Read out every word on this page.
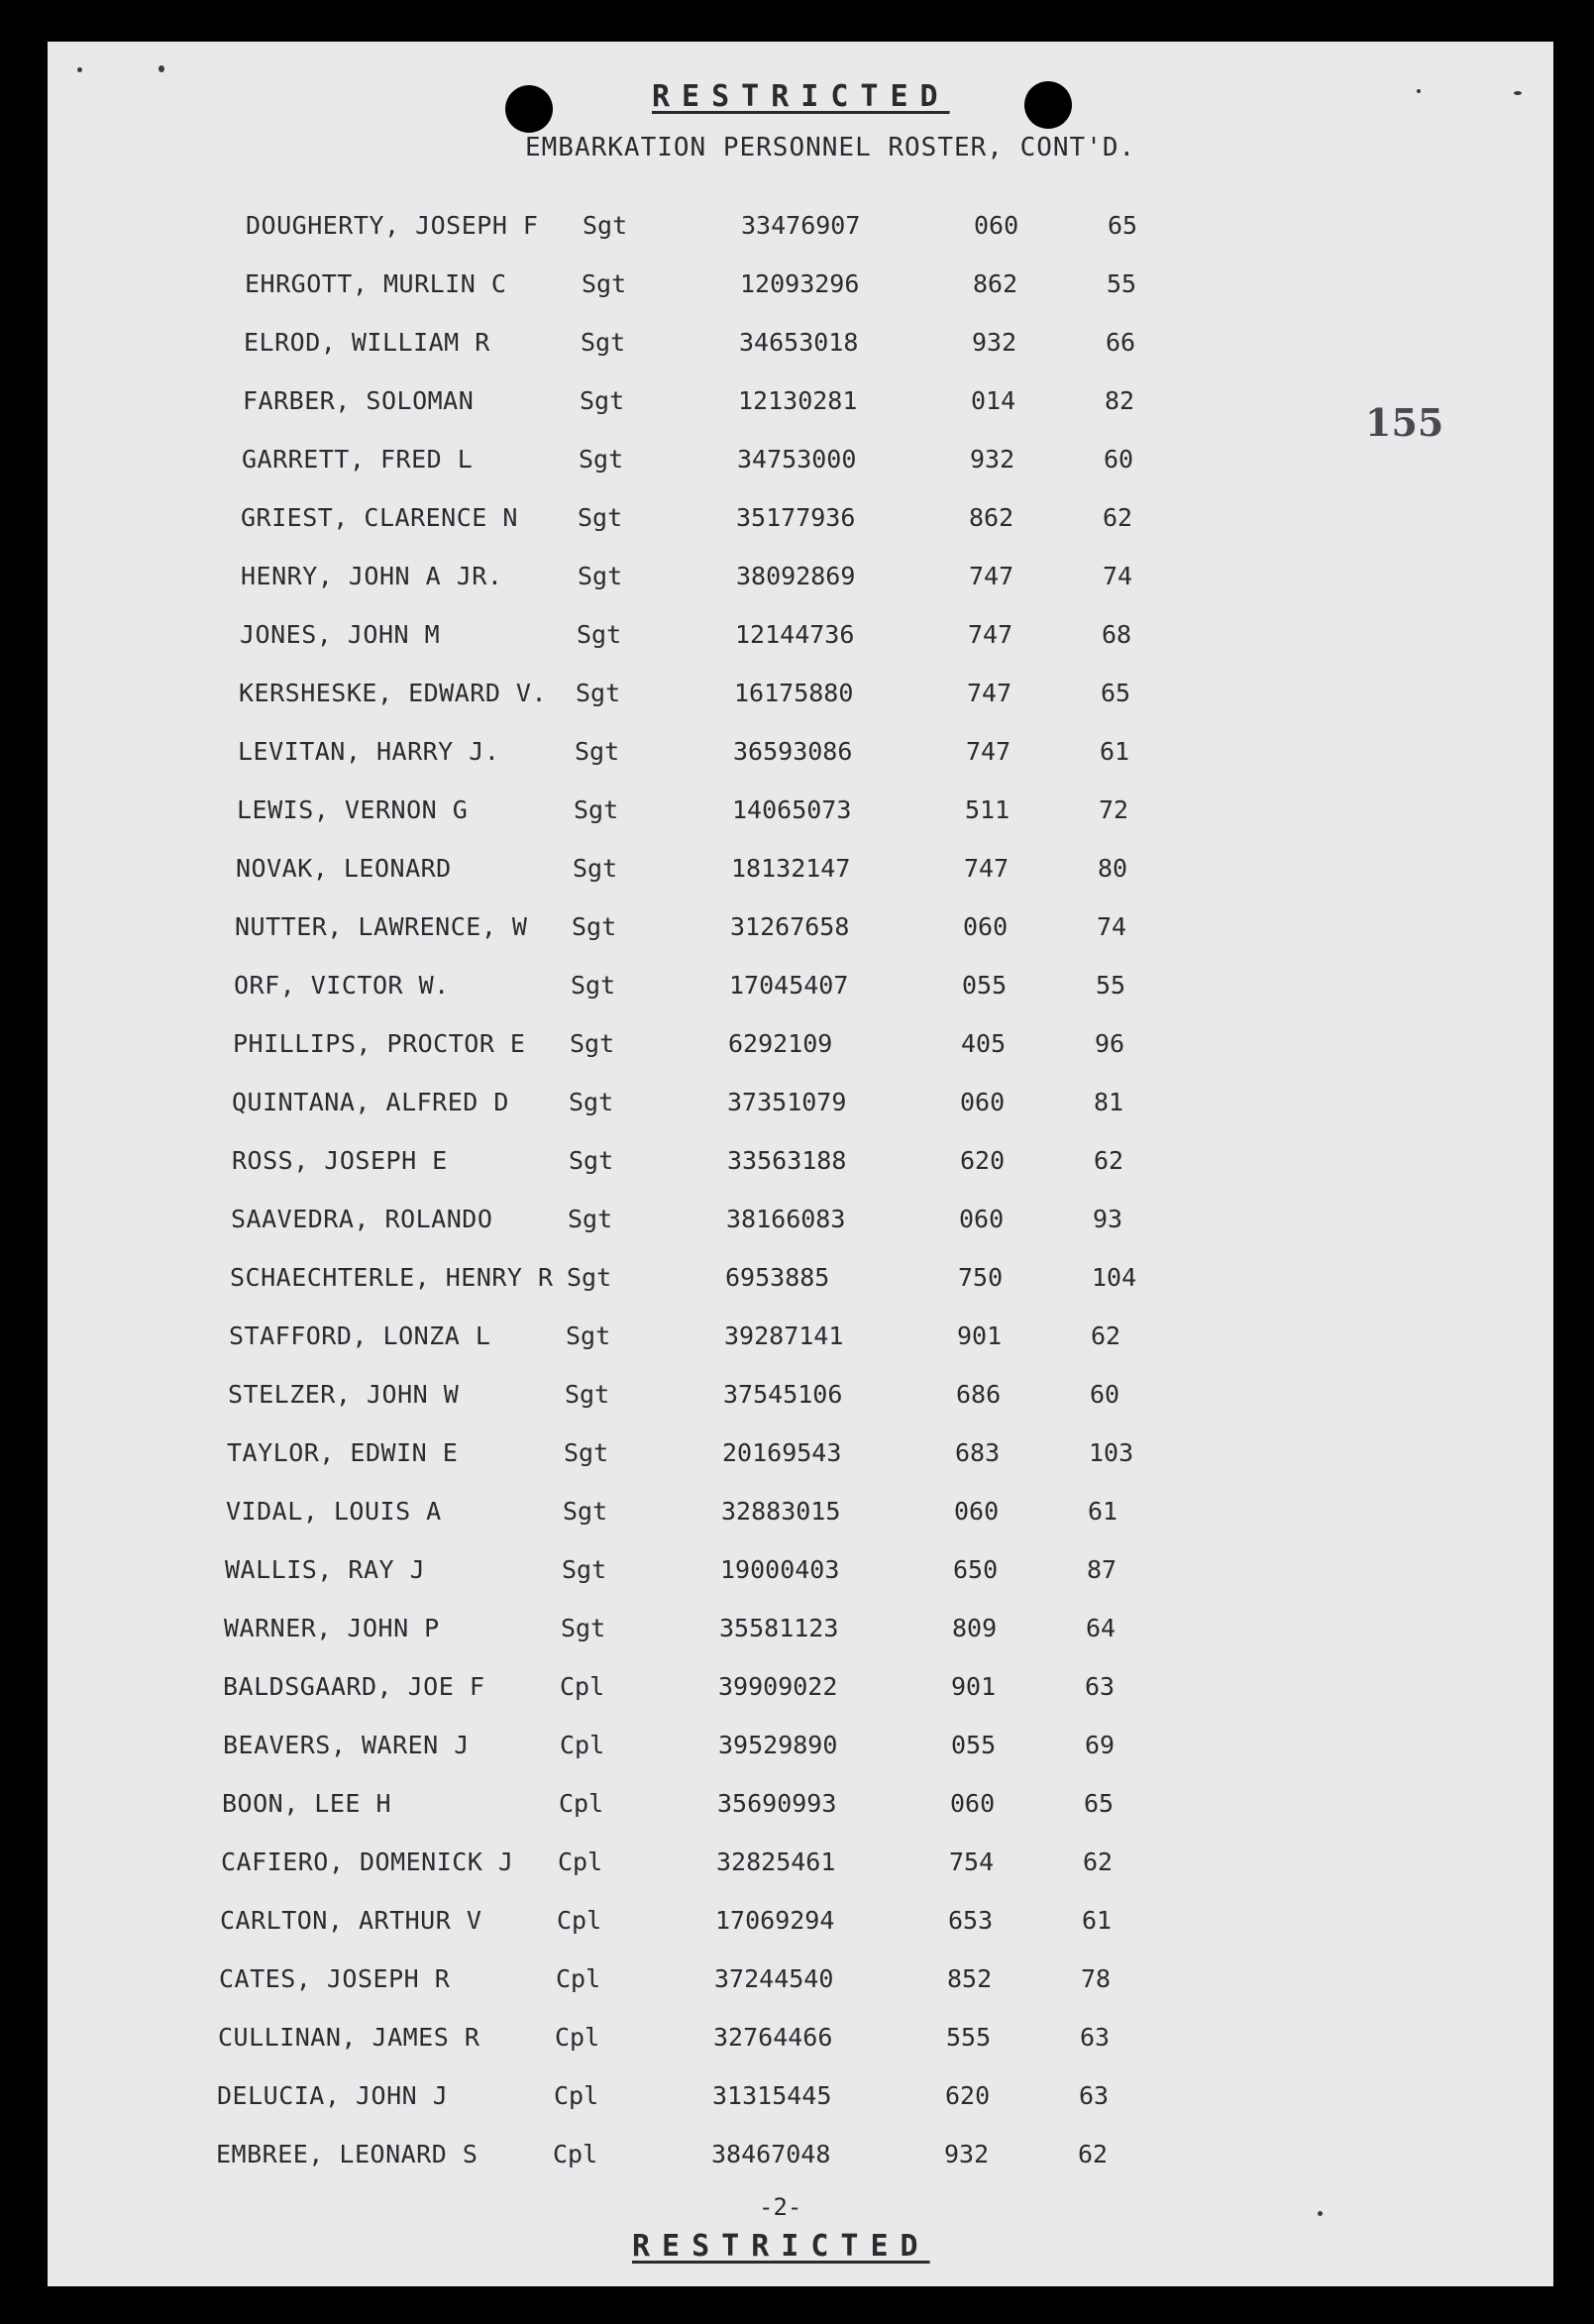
RESTRICTED
EMBARKATION PERSONNEL ROSTER, CONT'D.
155
DOUGHERTY, JOSEPH F Sgt	33476907	060	65
EHRGOTT, MURLIN C	Sgt	12093296	862	55
ELROD, WILLIAM R	Sgt	34653018	932	66
FARBER, SOLOMAN	Sgt	12130281	014	82
GARRETT, FRED L	Sgt	34753000	932	60
GRIEST, CLARENCE N Sgt	35177936	862	62
HENRY, JOHN A JR.	Sgt	38092869	747	74
JONES, JOHN M	Sgt	12144736	747	68
KERSHESKE, EDWARD V. Sgt	16175880	747	65
LEVITAN, HARRY J.	Sgt	36593086	747	61
LEWIS, VERNON G	Sgt	14065073	511	72
NOVAK, LEONARD	Sgt	18132147	747	80
NUTTER, LAWRENCE, W Sgt	31267658	060	74
ORF, VICTOR W.	Sgt	17045407	055	55
PHILLIPS, PROCTOR E Sgt	6292109	405	96
QUINTANA, ALFRED D Sgt	37351079	060	81
ROSS, JOSEPH E	Sgt	33563188	620	62
SAAVEDRA, ROLANDO	Sgt	38166083	060	93
SCHAECHTERLE, HENRY R Sgt	6953885	750	104
STAFFORD, LONZA L	Sgt	39287141	901	62
STELZER, JOHN W	Sgt	37545106	686	60
TAYLOR, EDWIN E	Sgt	20169543	683	103
VIDAL, LOUIS A	Sgt	32883015	060	61
WALLIS, RAY J	Sgt	19000403	650	87
WARNER, JOHN P	Sgt	35581123	809	64
BALDSGAARD, JOE F	Cpl	39909022	901	63
BEAVERS, WAREN J	Cpl	39529890	055	69
BOON, LEE H	Cpl	35690993	060	65
CAFIERO, DOMENICK J Cpl	32825461	754	62
CARLTON, ARTHUR V	Cpl	17069294	653	61
CATES, JOSEPH R	Cpl	37244540	852	78
CULLINAN, JAMES R	Cpl	32764466	555	63
DELUCIA, JOHN J	Cpl	31315445	620	63
EMBREE, LEONARD S	Cpl	38467048	932	62
-2-
RESTRICTED
